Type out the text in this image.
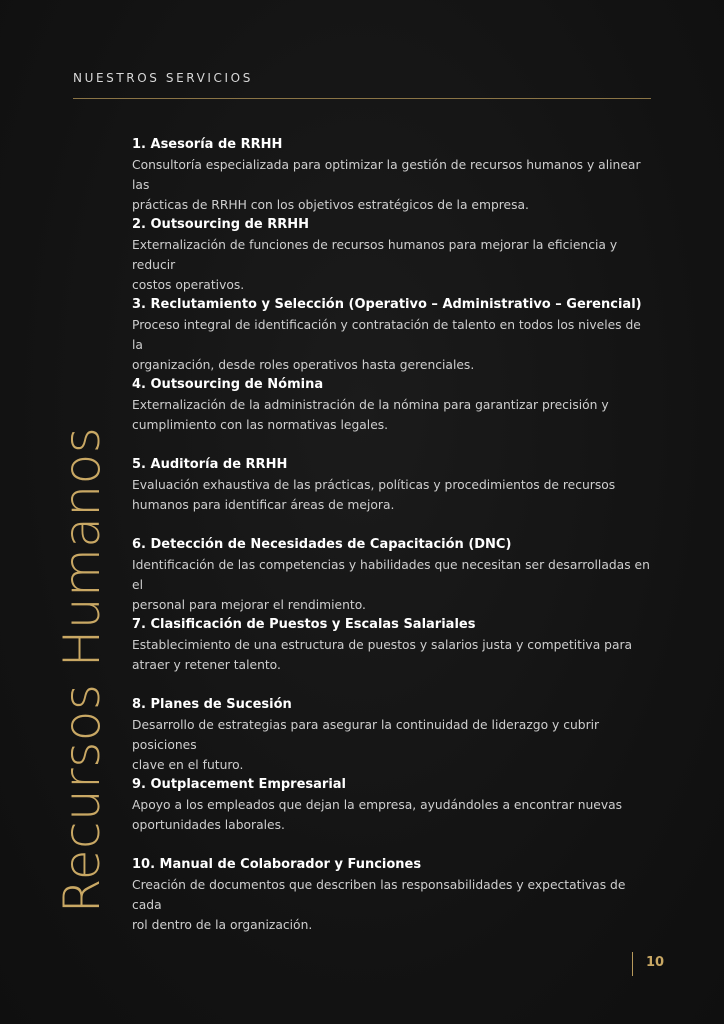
NUESTROS SERVICIOS
Recursos Humanos
1. Asesoría de RRHH
Consultoría especializada para optimizar la gestión de recursos humanos y alinear las
prácticas de RRHH con los objetivos estratégicos de la empresa.
2. Outsourcing de RRHH
Externalización de funciones de recursos humanos para mejorar la eficiencia y reducir
costos operativos.
3. Reclutamiento y Selección (Operativo – Administrativo – Gerencial)
Proceso integral de identificación y contratación de talento en todos los niveles de la
organización, desde roles operativos hasta gerenciales.
4. Outsourcing de Nómina
Externalización de la administración de la nómina para garantizar precisión y
cumplimiento con las normativas legales.
5. Auditoría de RRHH
Evaluación exhaustiva de las prácticas, políticas y procedimientos de recursos
humanos para identificar áreas de mejora.
6. Detección de Necesidades de Capacitación (DNC)
Identificación de las competencias y habilidades que necesitan ser desarrolladas en el
personal para mejorar el rendimiento.
7. Clasificación de Puestos y Escalas Salariales
Establecimiento de una estructura de puestos y salarios justa y competitiva para
atraer y retener talento.
8. Planes de Sucesión
Desarrollo de estrategias para asegurar la continuidad de liderazgo y cubrir posiciones
clave en el futuro.
9. Outplacement Empresarial
Apoyo a los empleados que dejan la empresa, ayudándoles a encontrar nuevas
oportunidades laborales.
10. Manual de Colaborador y Funciones
Creación de documentos que describen las responsabilidades y expectativas de cada
rol dentro de la organización.
10
